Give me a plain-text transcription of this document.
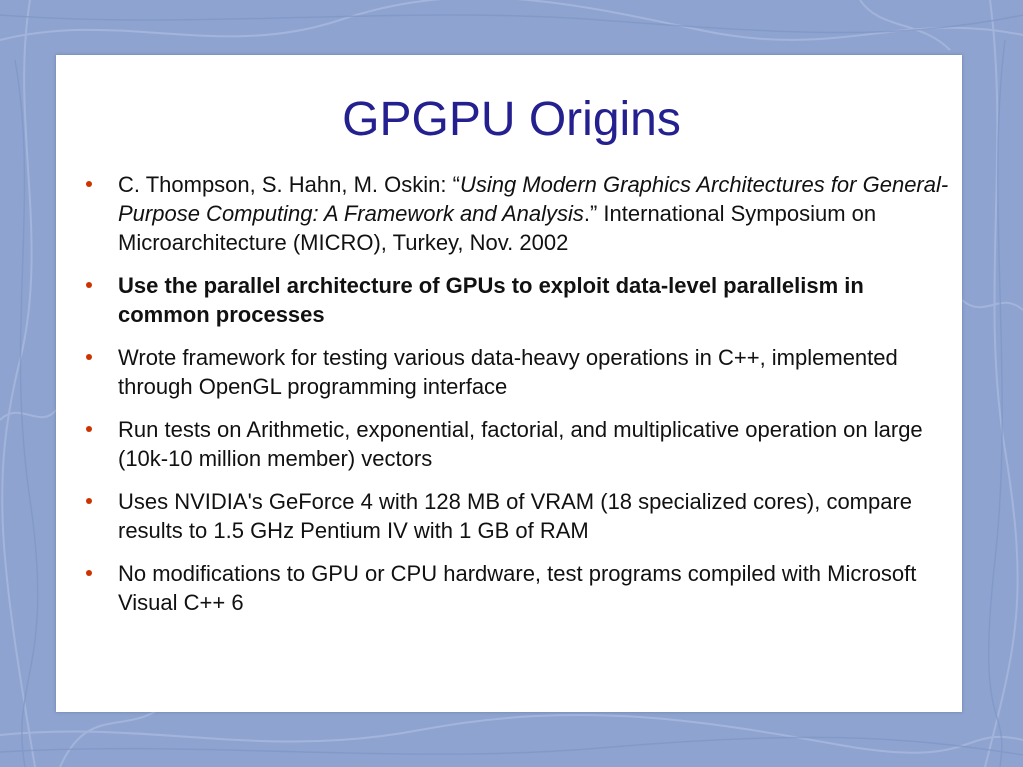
GPGPU Origins
C. Thompson, S. Hahn, M. Oskin: “Using Modern Graphics Architectures for General-Purpose Computing: A Framework and Analysis.” International Symposium on Microarchitecture (MICRO), Turkey, Nov. 2002
Use the parallel architecture of GPUs to exploit data-level parallelism in common processes
Wrote framework for testing various data-heavy operations in C++, implemented through OpenGL programming interface
Run tests on Arithmetic, exponential, factorial, and multiplicative operation on large (10k-10 million member) vectors
Uses NVIDIA's GeForce 4 with 128 MB of VRAM (18 specialized cores), compare results to 1.5 GHz Pentium IV with 1 GB of RAM
No modifications to GPU or CPU hardware, test programs compiled with Microsoft Visual C++ 6
